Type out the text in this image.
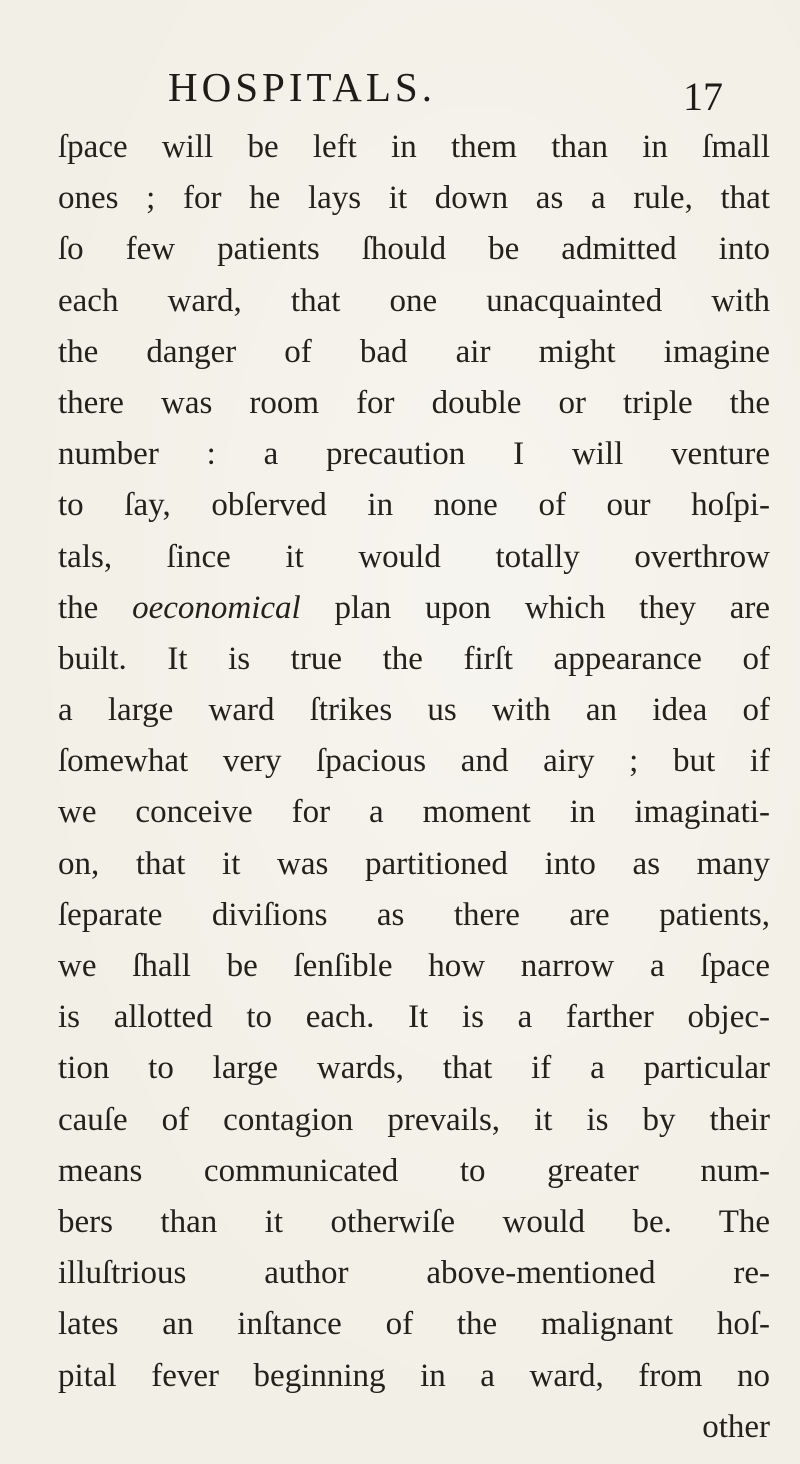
HOSPITALS.	17
ſpace will be left in them than in ſmall
ones ; for he lays it down as a rule, that
ſo few patients ſhould be admitted into
each ward, that one unacquainted with
the danger of bad air might imagine
there was room for double or triple the
number : a precaution I will venture
to ſay, obſerved in none of our hoſpi-
tals, ſince it would totally overthrow
the oeconomical plan upon which they are
built. It is true the firſt appearance of
a large ward ſtrikes us with an idea of
ſomewhat very ſpacious and airy ; but if
we conceive for a moment in imaginati-
on, that it was partitioned into as many
ſeparate diviſions as there are patients,
we ſhall be ſenſible how narrow a ſpace
is allotted to each. It is a farther objec-
tion to large wards, that if a particular
cauſe of contagion prevails, it is by their
means communicated to greater num-
bers than it otherwiſe would be. The
illuſtrious author above-mentioned re-
lates an inſtance of the malignant hoſ-
pital fever beginning in a ward, from no
other
